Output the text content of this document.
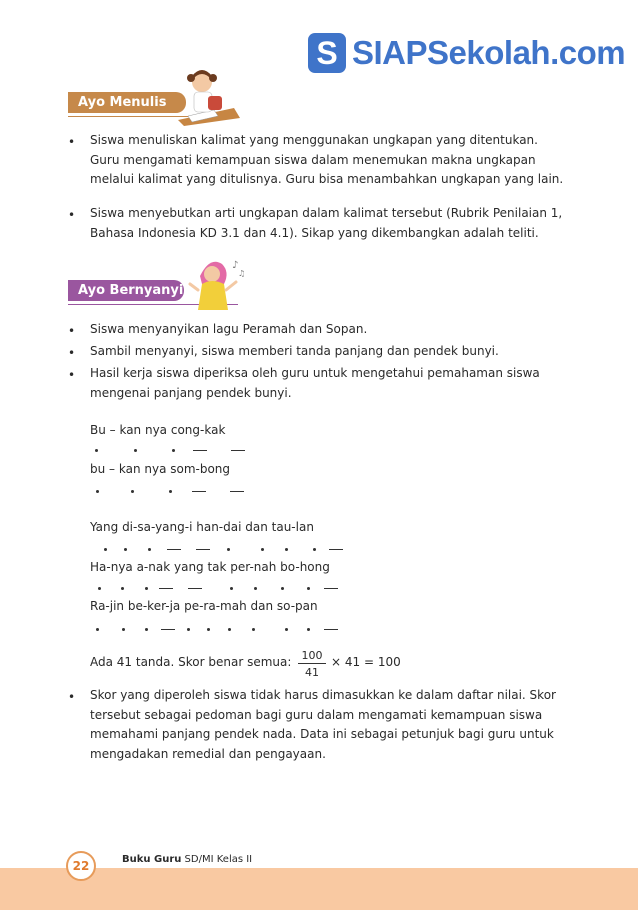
S SIAPSekolah.com
Ayo Menulis
• Siswa menuliskan kalimat yang menggunakan ungkapan yang ditentukan. Guru mengamati kemampuan siswa dalam menemukan makna ungkapan melalui kalimat yang ditulisnya. Guru bisa menambahkan ungkapan yang lain.

• Siswa menyebutkan arti ungkapan dalam kalimat tersebut (Rubrik Penilaian 1, Bahasa Indonesia KD 3.1 dan 4.1). Sikap yang dikembangkan adalah teliti.

Ayo Bernyanyi
♪
♫
• Siswa menyanyikan lagu Peramah dan Sopan.

• Sambil menyanyi, siswa memberi tanda panjang dan pendek bunyi.

• Hasil kerja siswa diperiksa oleh guru untuk mengetahui pemahaman siswa mengenai panjang pendek bunyi.

Bu – kan nya cong-kak
bu – kan nya som-bong
Yang di-sa-yang-i han-dai dan tau-lan
Ha-nya a-nak yang tak per-nah bo-hong
Ra-jin be-ker-ja pe-ra-mah dan so-pan
Ada 41 tanda. Skor benar semua: $\frac{100}{41} \times 41 = 100$
• Skor yang diperoleh siswa tidak harus dimasukkan ke dalam daftar nilai. Skor tersebut sebagai pedoman bagi guru dalam mengamati kemampuan siswa memahami panjang pendek nada. Data ini sebagai petunjuk bagi guru untuk mengadakan remedial dan pengayaan.

22	Buku Guru SD/MI Kelas II
